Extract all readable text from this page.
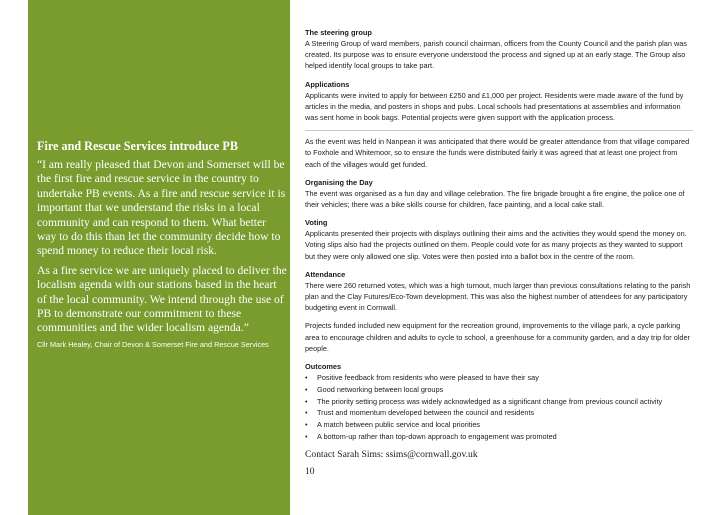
Fire and Rescue Services introduce PB

“I am really pleased that Devon and Somerset will be the first fire and rescue service in the country to undertake PB events. As a fire and rescue service it is important that we understand the risks in a local community and can respond to them. What better way to do this than let the community decide how to spend money to reduce their local risk.

As a fire service we are uniquely placed to deliver the localism agenda with our stations based in the heart of the local community. We intend through the use of PB to demonstrate our commitment to these communities and the wider localism agenda.”

Cllr Mark Healey, Chair of Devon & Somerset Fire and Rescue Services
The steering group

A Steering Group of ward members, parish council chairman, officers from the County Council and the parish plan was created. Its purpose was to ensure everyone understood the process and signed up at an early stage. The Group also helped identify local groups to take part.

Applications

Applicants were invited to apply for between £250 and £1,000 per project. Residents were made aware of the fund by articles in the media, and posters in shops and pubs. Local schools had presentations at assemblies and information was sent home in book bags. Potential projects were given support with the application process.

As the event was held in Nanpean it was anticipated that there would be greater attendance from that village compared to Foxhole and Whitemoor, so to ensure the funds were distributed fairly it was agreed that at least one project from each of the villages would get funded.

Organising the Day

The event was organised as a fun day and village celebration. The fire brigade brought a fire engine, the police one of their vehicles; there was a bike skills course for children, face painting, and a local cake stall.

Voting

Applicants presented their projects with displays outlining their aims and the activities they would spend the money on. Voting slips also had the projects outlined on them. People could vote for as many projects as they wanted to support but they were only allowed one slip. Votes were then posted into a ballot box in the centre of the room.

Attendance

There were 260 returned votes, which was a high turnout, much larger than previous consultations relating to the parish plan and the Clay Futures/Eco-Town development. This was also the highest number of attendees for any participatory budgeting event in Cornwall.

Projects funded included new equipment for the recreation ground, improvements to the village park, a cycle parking area to encourage children and adults to cycle to school, a greenhouse for a community garden, and a day trip for older people.

Outcomes
• Positive feedback from residents who were pleased to have their say
• Good networking between local groups
• The priority setting process was widely acknowledged as a significant change from previous council activity
• Trust and momentum developed between the council and residents
• A match between public service and local priorities
• A bottom-up rather than top-down approach to engagement was promoted
Contact Sarah Sims: ssims@cornwall.gov.uk
10
